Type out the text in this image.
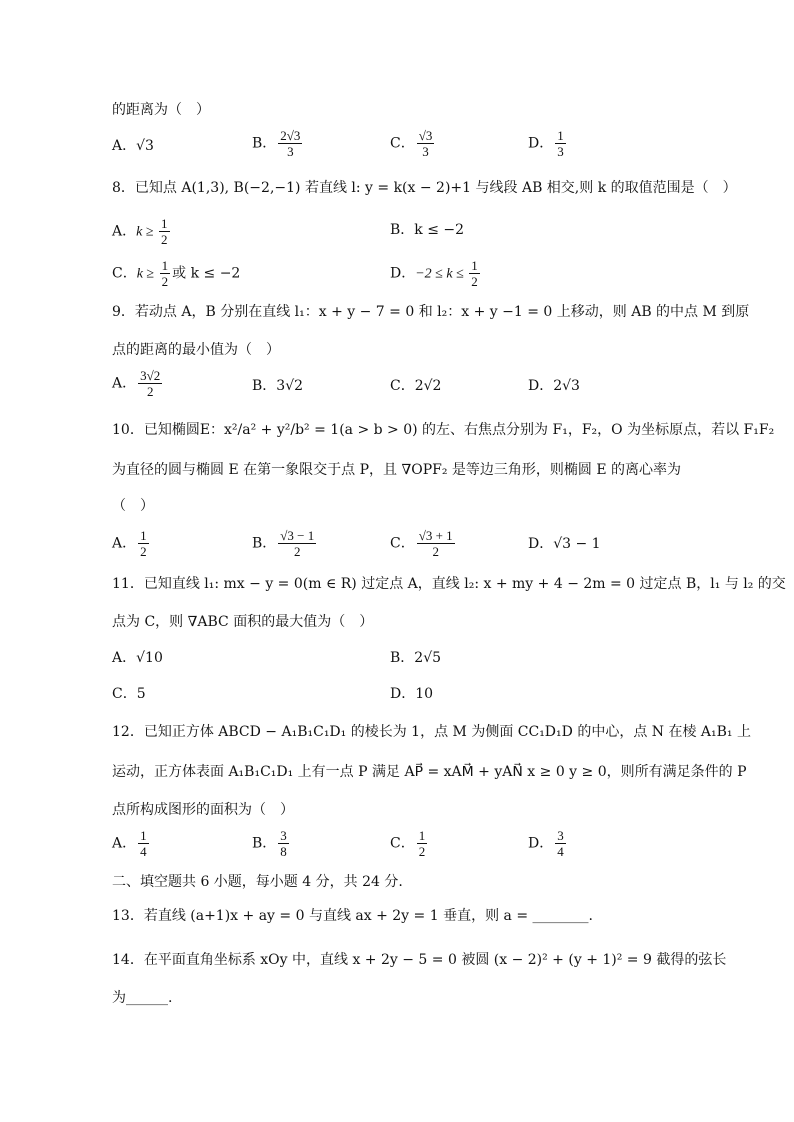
的距离为（　）
A．√3	B． $\frac{2√3}{3}$	C． $\frac{√3}{3}$	D． $\frac{1}{3}$
8．已知点 A(1,3), B(−2,−1) 若直线 l: y = k(x − 2)+1 与线段 AB 相交,则 k 的取值范围是（　）
A．$k \ge \frac{1}{2}$	B．k ≤ −2
C．$k \ge \frac{1}{2}$ 或 k ≤ −2	D．$-2 \le k \le \frac{1}{2}$
9．若动点 A，B 分别在直线 l₁：x + y − 7 = 0 和 l₂：x + y −1 = 0 上移动，则 AB 的中点 M 到原
点的距离的最小值为（　）
A． $\frac{3√2}{2}$	B．3√2	C．2√2	D．2√3
10．已知椭圆E：x²/a² + y²/b² = 1(a > b > 0) 的左、右焦点分别为 F₁，F₂，O 为坐标原点，若以 F₁F₂
为直径的圆与椭圆 E 在第一象限交于点 P，且 ∇OPF₂ 是等边三角形，则椭圆 E 的离心率为
（　）
A． $\frac{1}{2}$	B． $\frac{√3 - 1}{2}$	C． $\frac{√3 + 1}{2}$	D．√3 − 1
11．已知直线 l₁: mx − y = 0(m ∈ R) 过定点 A，直线 l₂: x + my + 4 − 2m = 0 过定点 B，l₁ 与 l₂ 的交
点为 C，则 ∇ABC 面积的最大值为（　）
A．√10	B．2√5
C．5	D．10
12．已知正方体 ABCD − A₁B₁C₁D₁ 的棱长为 1，点 M 为侧面 CC₁D₁D 的中心，点 N 在棱 A₁B₁ 上
运动，正方体表面 A₁B₁C₁D₁ 上有一点 P 满足 AP⃗ = xAM⃗ + yAN⃗ x ≥ 0 y ≥ 0，则所有满足条件的 P
点所构成图形的面积为（　）
A． $\frac{1}{4}$	B． $\frac{3}{8}$	C． $\frac{1}{2}$	D． $\frac{3}{4}$
二、填空题共 6 小题，每小题 4 分，共 24 分.
13．若直线 (a+1)x + ay = 0 与直线 ax + 2y = 1 垂直，则 a = ________.
14．在平面直角坐标系 xOy 中，直线 x + 2y − 5 = 0 被圆 (x − 2)² + (y + 1)² = 9 截得的弦长
为______.
